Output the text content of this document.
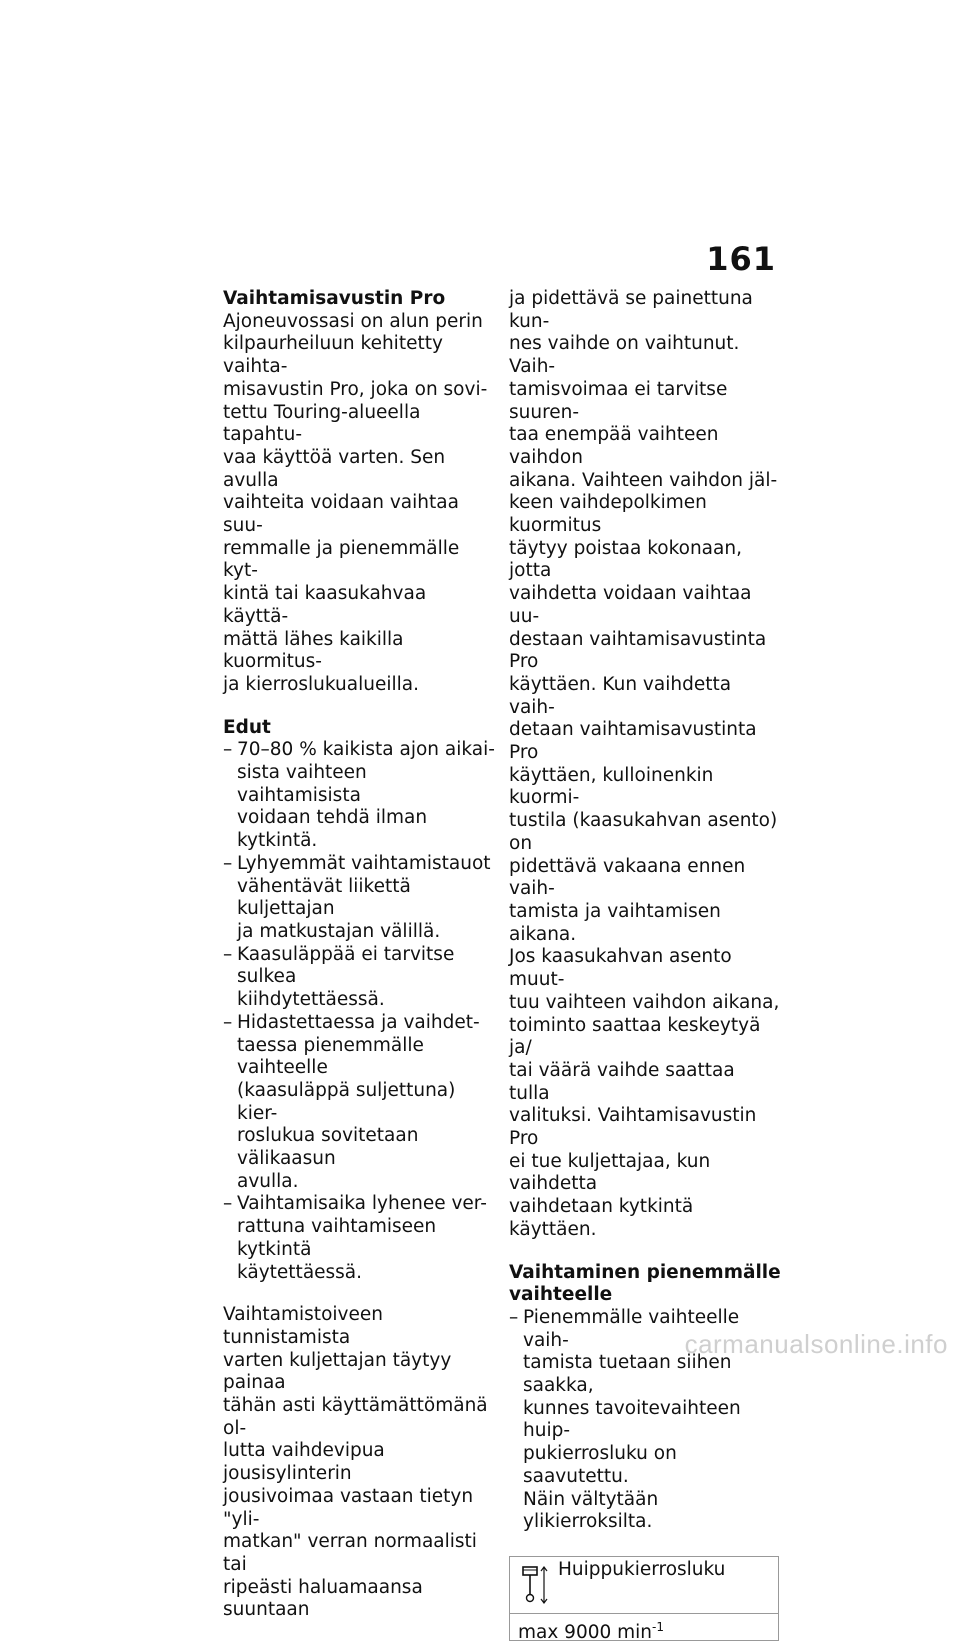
161

Vaihtamisavustin Pro

Ajoneuvossasi on alun perin

kilpaurheiluun kehitetty vaihta-

misavustin Pro, joka on sovi-

tettu Touring-alueella tapahtu-

vaa käyttöä varten. Sen avulla

vaihteita voidaan vaihtaa suu-

remmalle ja pienemmälle kyt-

kintä tai kaasukahvaa käyttä-

mättä lähes kaikilla kuormitus-

ja kierroslukualueilla.

Edut

– 70–80 % kaikista ajon aikai-

sista vaihteen vaihtamisista

voidaan tehdä ilman kytkintä.

– Lyhyemmät vaihtamistauot

vähentävät liikettä kuljettajan

ja matkustajan välillä.

– Kaasuläppää ei tarvitse sulkea

kiihdytettäessä.

– Hidastettaessa ja vaihdet-

taessa pienemmälle vaihteelle

(kaasuläppä suljettuna) kier-

roslukua sovitetaan välikaasun

avulla.

– Vaihtamisaika lyhenee ver-

rattuna vaihtamiseen kytkintä

käytettäessä.

Vaihtamistoiveen tunnistamista

varten kuljettajan täytyy painaa

tähän asti käyttämättömänä ol-

lutta vaihdevipua jousisylinterin

jousivoimaa vastaan tietyn "yli-

matkan" verran normaalisti tai

ripeästi haluamaansa suuntaan

ja pidettävä se painettuna kun-

nes vaihde on vaihtunut. Vaih-

tamisvoimaa ei tarvitse suuren-

taa enempää vaihteen vaihdon

aikana. Vaihteen vaihdon jäl-

keen vaihdepolkimen kuormitus

täytyy poistaa kokonaan, jotta

vaihdetta voidaan vaihtaa uu-

destaan vaihtamisavustinta Pro

käyttäen. Kun vaihdetta vaih-

detaan vaihtamisavustinta Pro

käyttäen, kulloinenkin kuormi-

tustila (kaasukahvan asento) on

pidettävä vakaana ennen vaih-

tamista ja vaihtamisen aikana.

Jos kaasukahvan asento muut-

tuu vaihteen vaihdon aikana,

toiminto saattaa keskeytyä ja/

tai väärä vaihde saattaa tulla

valituksi. Vaihtamisavustin Pro

ei tue kuljettajaa, kun vaihdetta

vaihdetaan kytkintä käyttäen.

Vaihtaminen pienemmälle

vaihteelle

– Pienemmälle vaihteelle vaih-

tamista tuetaan siihen saakka,

kunnes tavoitevaihteen huip-

pukierrosluku on saavutettu.

Näin vältytään ylikierroksilta.

Huippukierrosluku
max 9000 $\min^{-1}$
carmanualsonline.info
